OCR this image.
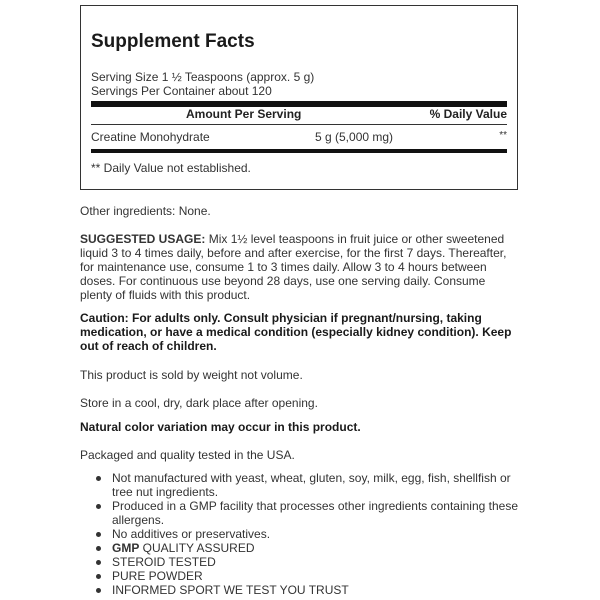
Supplement Facts
Serving Size 1 ½ Teaspoons (approx. 5 g)
Servings Per Container about 120
Amount Per Serving	% Daily Value
Creatine Monohydrate	5 g (5,000 mg)	**
** Daily Value not established.
Other ingredients: None.
SUGGESTED USAGE: Mix 1½ level teaspoons in fruit juice or other sweetened liquid 3 to 4 times daily, before and after exercise, for the first 7 days. Thereafter, for maintenance use, consume 1 to 3 times daily. Allow 3 to 4 hours between doses. For continuous use beyond 28 days, use one serving daily. Consume plenty of fluids with this product.
Caution: For adults only. Consult physician if pregnant/nursing, taking medication, or have a medical condition (especially kidney condition). Keep out of reach of children.
This product is sold by weight not volume.
Store in a cool, dry, dark place after opening.
Natural color variation may occur in this product.
Packaged and quality tested in the USA.
Not manufactured with yeast, wheat, gluten, soy, milk, egg, fish, shellfish or tree nut ingredients.
Produced in a GMP facility that processes other ingredients containing these allergens.
No additives or preservatives.
GMP QUALITY ASSURED
STEROID TESTED
PURE POWDER
INFORMED SPORT WE TEST YOU TRUST
